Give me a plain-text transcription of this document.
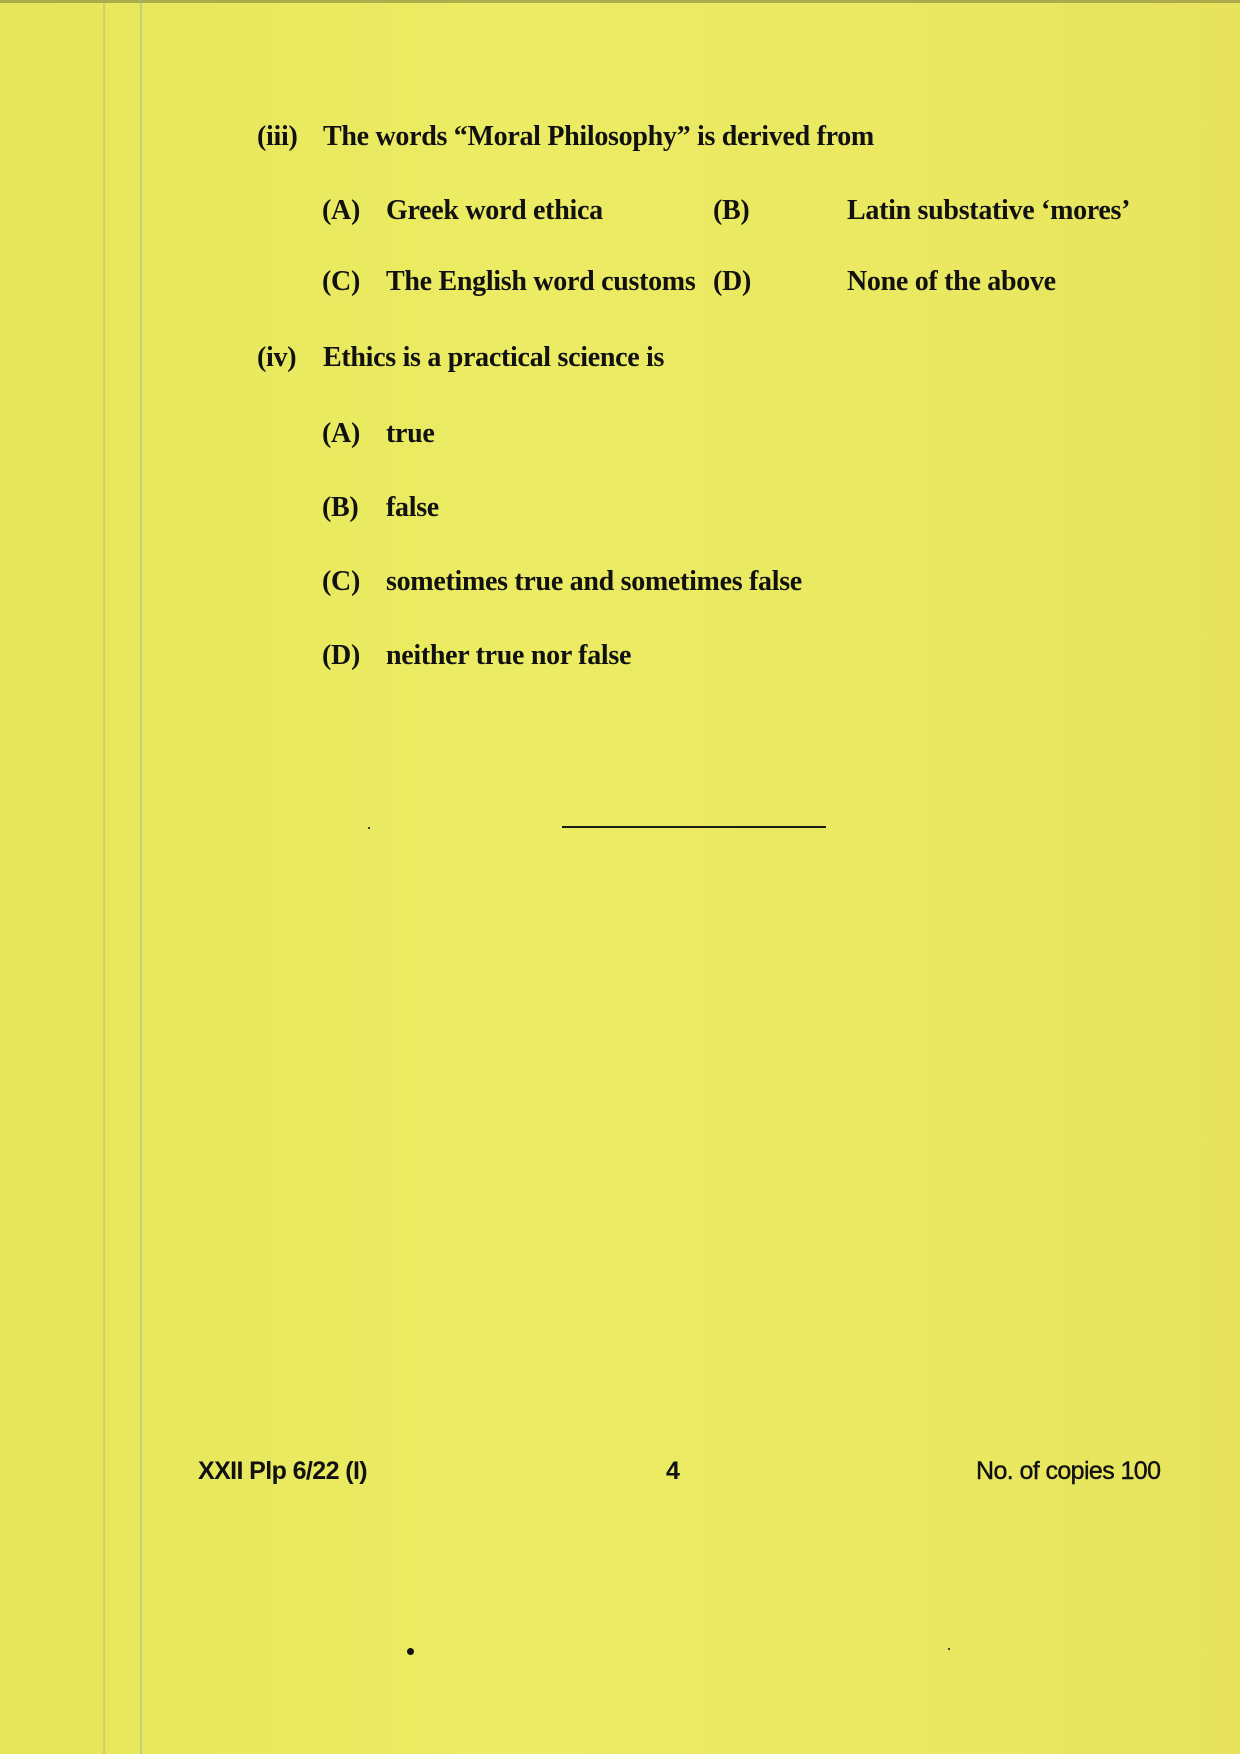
(iii) The words “Moral Philosophy” is derived from
(A) Greek word ethica	(B)	Latin substative ‘mores’
(C) The English word customs (D)	None of the above
(iv) Ethics is a practical science is
(A) true
(B) false
(C) sometimes true and sometimes false
(D) neither true nor false
XXII Plp 6/22 (I)	4	No. of copies 100
